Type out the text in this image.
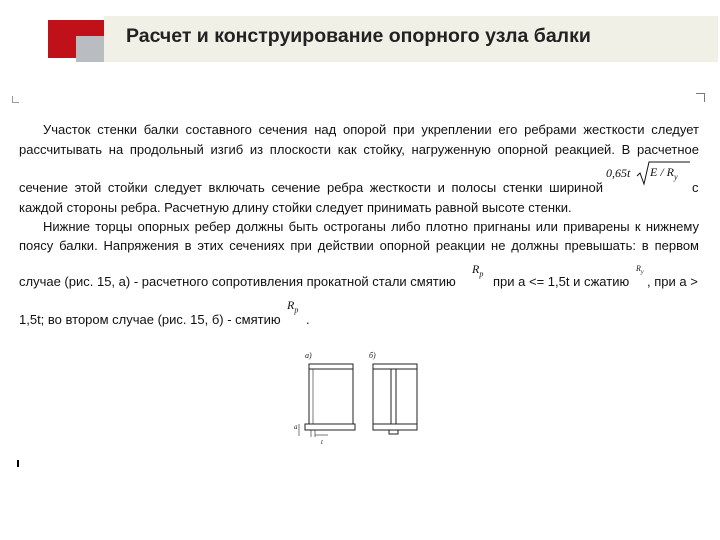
Расчет и конструирование опорного узла балки
Участок стенки балки составного сечения над опорой при укреплении его ребрами жесткости следует
рассчитывать на продольный изгиб из плоскости как стойку, нагруженную опорной реакцией. В расчетное
сечение этой стойки следует включать сечение ребра жесткости и полосы стенки шириной
0,65t E / $R_y$
с
каждой стороны ребра. Расчетную длину стойки следует принимать равной высоте стенки.
Нижние торцы опорных ребер должны быть остроганы либо плотно пригнаны или приварены к нижнему
поясу балки. Напряжения в этих сечениях при действии опорной реакции не должны превышать: в первом
случае (рис. 15, а) - расчетного сопротивления прокатной стали смятию
$R_p$
при а <= 1,5t и сжатию
$R_y$
, при а >
1,5t; во втором случае (рис. 15, б) - смятию
$R_p$
.
а)
a
t
б)
